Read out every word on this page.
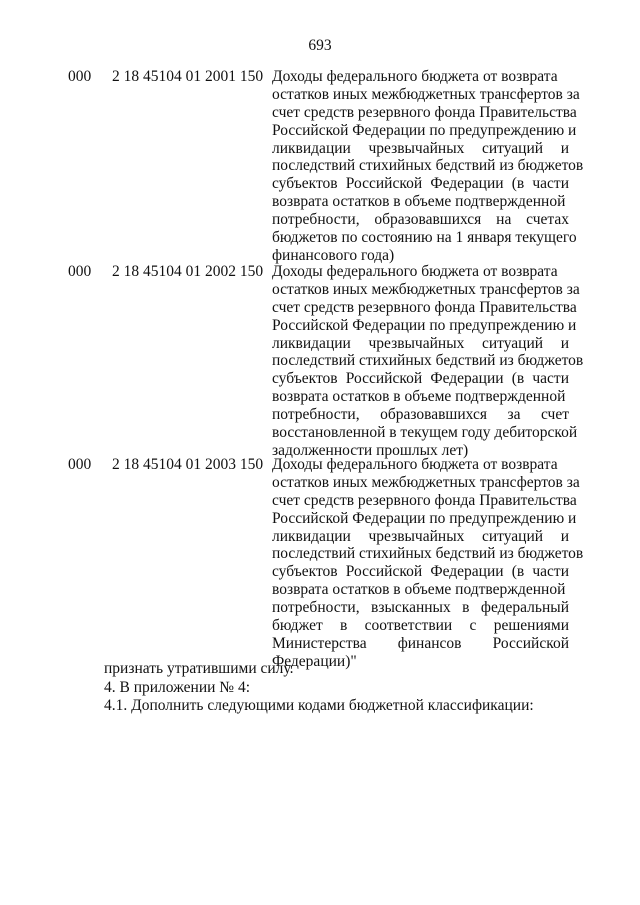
693
000 2 18 45104 01 2001 150 Доходы федерального бюджета от возврата
остатков иных межбюджетных трансфертов за
счет средств резервного фонда Правительства
Российской Федерации по предупреждению и
ликвидации чрезвычайных ситуаций и
последствий стихийных бедствий из бюджетов
субъектов Российской Федерации (в части
возврата остатков в объеме подтвержденной
потребности, образовавшихся на счетах
бюджетов по состоянию на 1 января текущего
финансового года)
000 2 18 45104 01 2002 150 Доходы федерального бюджета от возврата
остатков иных межбюджетных трансфертов за
счет средств резервного фонда Правительства
Российской Федерации по предупреждению и
ликвидации чрезвычайных ситуаций и
последствий стихийных бедствий из бюджетов
субъектов Российской Федерации (в части
возврата остатков в объеме подтвержденной
потребности, образовавшихся за счет
восстановленной в текущем году дебиторской
задолженности прошлых лет)
000 2 18 45104 01 2003 150 Доходы федерального бюджета от возврата
остатков иных межбюджетных трансфертов за
счет средств резервного фонда Правительства
Российской Федерации по предупреждению и
ликвидации чрезвычайных ситуаций и
последствий стихийных бедствий из бюджетов
субъектов Российской Федерации (в части
возврата остатков в объеме подтвержденной
потребности, взысканных в федеральный
бюджет в соответствии с решениями
Министерства финансов Российской
Федерации)"
признать утратившими силу.
4. В приложении № 4:
4.1. Дополнить следующими кодами бюджетной классификации:
